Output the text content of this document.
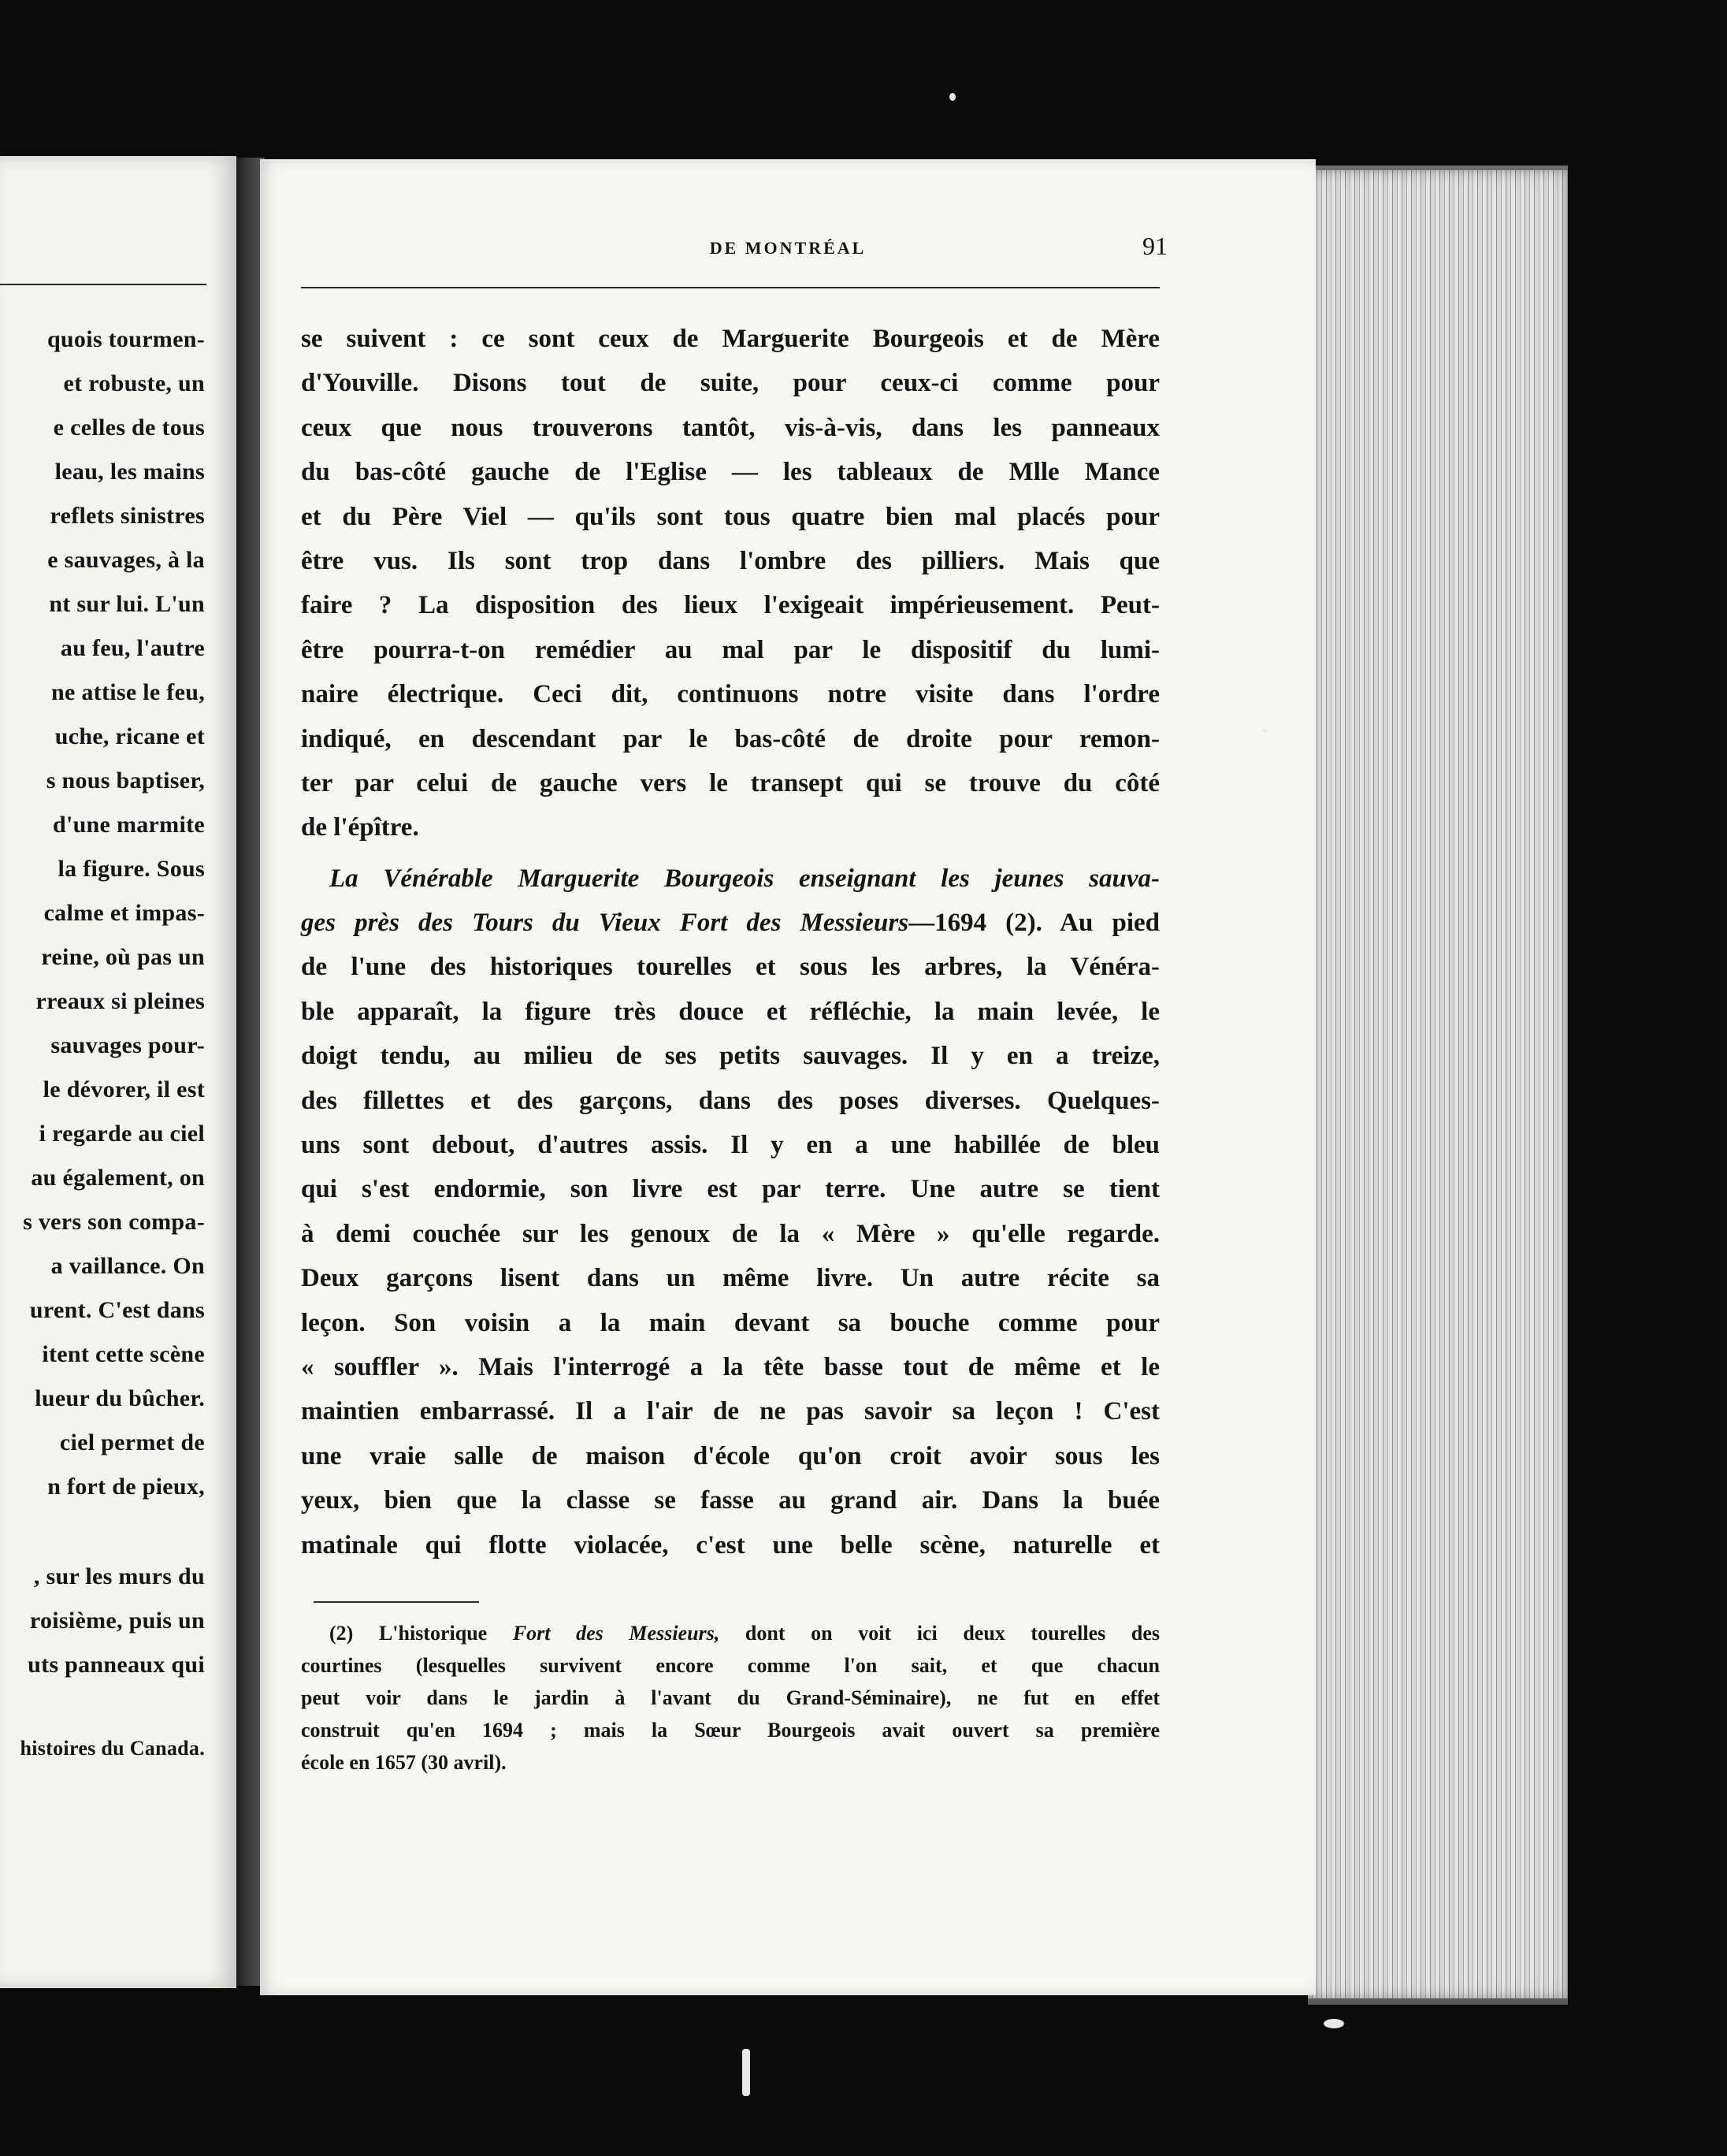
quois tourmen-
et robuste, un
e celles de tous
leau, les mains
reflets sinistres
e sauvages, à la
nt sur lui. L'un
au feu, l'autre
ne attise le feu,
uche, ricane et
s nous baptiser,
d'une marmite
la figure. Sous
calme et impas-
reine, où pas un
rreaux si pleines
sauvages pour-
le dévorer, il est
i regarde au ciel
au également, on
s vers son compa-
a vaillance. On
urent. C'est dans
itent cette scène
lueur du bûcher.
ciel permet de
n fort de pieux,
, sur les murs du
roisième, puis un
uts panneaux qui
histoires du Canada.
DE MONTRÉAL	91
se suivent : ce sont ceux de Marguerite Bourgeois et de Mère
d'Youville. Disons tout de suite, pour ceux-ci comme pour
ceux que nous trouverons tantôt, vis-à-vis, dans les panneaux
du bas-côté gauche de l'Eglise — les tableaux de Mlle Mance
et du Père Viel — qu'ils sont tous quatre bien mal placés pour
être vus. Ils sont trop dans l'ombre des pilliers. Mais que
faire ? La disposition des lieux l'exigeait impérieusement. Peut-
être pourra-t-on remédier au mal par le dispositif du lumi-
naire électrique. Ceci dit, continuons notre visite dans l'ordre
indiqué, en descendant par le bas-côté de droite pour remon-
ter par celui de gauche vers le transept qui se trouve du côté
de l'épître.
La Vénérable Marguerite Bourgeois enseignant les jeunes sauva-
ges près des Tours du Vieux Fort des Messieurs—1694 (2). Au pied
de l'une des historiques tourelles et sous les arbres, la Vénéra-
ble apparaît, la figure très douce et réfléchie, la main levée, le
doigt tendu, au milieu de ses petits sauvages. Il y en a treize,
des fillettes et des garçons, dans des poses diverses. Quelques-
uns sont debout, d'autres assis. Il y en a une habillée de bleu
qui s'est endormie, son livre est par terre. Une autre se tient
à demi couchée sur les genoux de la « Mère » qu'elle regarde.
Deux garçons lisent dans un même livre. Un autre récite sa
leçon. Son voisin a la main devant sa bouche comme pour
« souffler ». Mais l'interrogé a la tête basse tout de même et le
maintien embarrassé. Il a l'air de ne pas savoir sa leçon ! C'est
une vraie salle de maison d'école qu'on croit avoir sous les
yeux, bien que la classe se fasse au grand air. Dans la buée
matinale qui flotte violacée, c'est une belle scène, naturelle et
(2) L'historique Fort des Messieurs, dont on voit ici deux tourelles des
courtines (lesquelles survivent encore comme l'on sait, et que chacun
peut voir dans le jardin à l'avant du Grand-Séminaire), ne fut en effet
construit qu'en 1694 ; mais la Sœur Bourgeois avait ouvert sa première
école en 1657 (30 avril).
